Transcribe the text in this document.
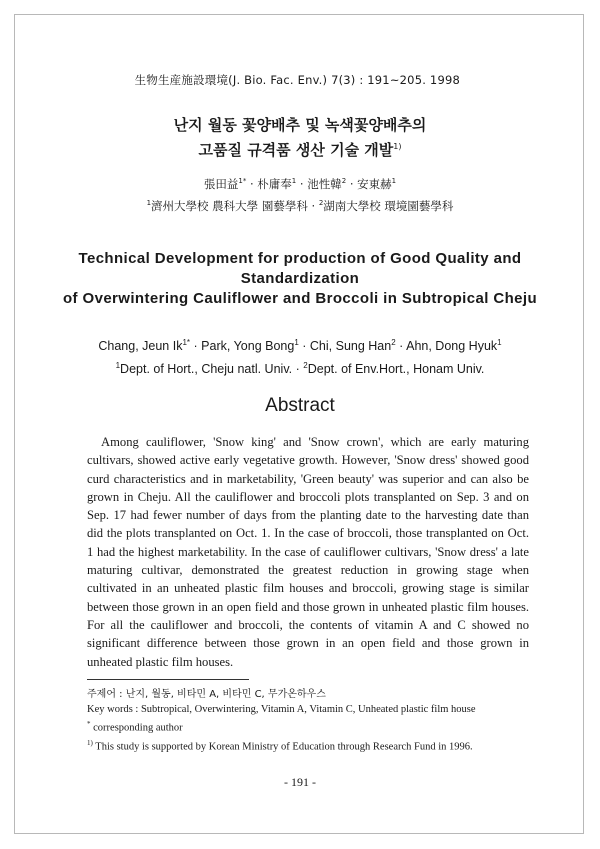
生物生産施設環境(J. Bio. Fac. Env.) 7(3) : 191~205. 1998
난지 월동 꽃양배추 및 녹색꽃양배추의
고품질 규격품 생산 기술 개발$^{1)}$
張田益$^{1*}$ · 朴庸奉$^1$ · 池性韓$^2$ · 安東赫$^1$
$^1$濟州大學校 農科大學 園藝學科 · $^2$湖南大學校 環境園藝學科
Technical Development for production of Good Quality and
Standardization
of Overwintering Cauliflower and Broccoli in Subtropical Cheju
Chang, Jeun $Ik^{1*}$ · Park, Yong Bong$^1$ · Chi, Sung Han$^2$ · Ahn, Dong Hyuk$^1$
$^1$Dept. of Hort., Cheju natl. Univ. · $^2$Dept. of Env.Hort., Honam Univ.
Abstract

Among cauliflower, 'Snow king' and 'Snow crown', which are early maturing cultivars, showed active early vegetative growth. However, 'Snow dress' showed good curd characteristics and in marketability, 'Green beauty' was superior and can also be grown in Cheju. All the cauliflower and broccoli plots transplanted on Sep. 3 and on Sep. 17 had fewer number of days from the planting date to the harvesting date than did the plots transplanted on Oct. 1. In the case of broccoli, those transplanted on Oct. 1 had the highest marketability. In the case of cauliflower cultivars, 'Snow dress' a late maturing cultivar, demonstrated the greatest reduction in growing stage when cultivated in an unheated plastic film houses and broccoli, growing stage is similar between those grown in an open field and those grown in unheated plastic film houses. For all the cauliflower and broccoli, the contents of vitamin A and C showed no significant difference between those grown in an open field and those grown in unheated plastic film houses.

주제어 : 난지, 월동, 비타민 A, 비타민 C, 무가온하우스
Key words : Subtropical, Overwintering, Vitamin A, Vitamin C, Unheated plastic film house
* corresponding author
$^{1)}$ This study is supported by Korean Ministry of Education through Research Fund in 1996.
- 191 -
